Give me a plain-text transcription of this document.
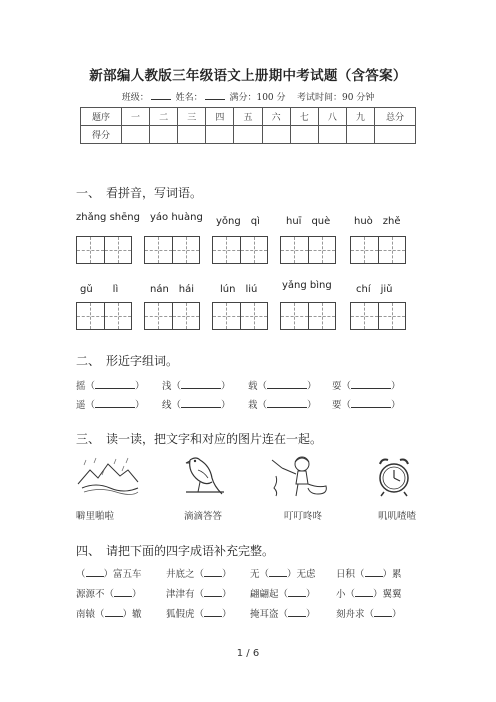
新部编人教版三年级语文上册期中考试题（含答案）
班级：	姓名：	满分：100 分 考试时间：90 分钟
题序	一	二	三	四	五	六	七	八	九	总分
得分										
一、　看拼音，写词语。
zhǎng shēng yáo huàng yǒng　qì	huī　què huò　zhě
gǔ　　lì	nán　hái	lún　liú yǎng bìng chí　jiǔ
二、　形近字组词。
摇（	） 浅（	） 载（	） 耍（	）
遥（	） 线（	） 栽（	） 要（	）
三、　读一读，把文字和对应的图片连在一起。
噼里啪啦	滴滴答答	叮叮咚咚	叽叽喳喳
四、　请把下面的四字成语补充完整。
（ ）富五车	井底之（ ） 无（ ）无虑 日积（ ）累
源源不（ ）	津津有（ ） 翩翩起（ ） 小（ ）翼翼
南辕（ ）辙	狐假虎（ ） 掩耳盗（ ） 刻舟求（ ）
1 / 6
